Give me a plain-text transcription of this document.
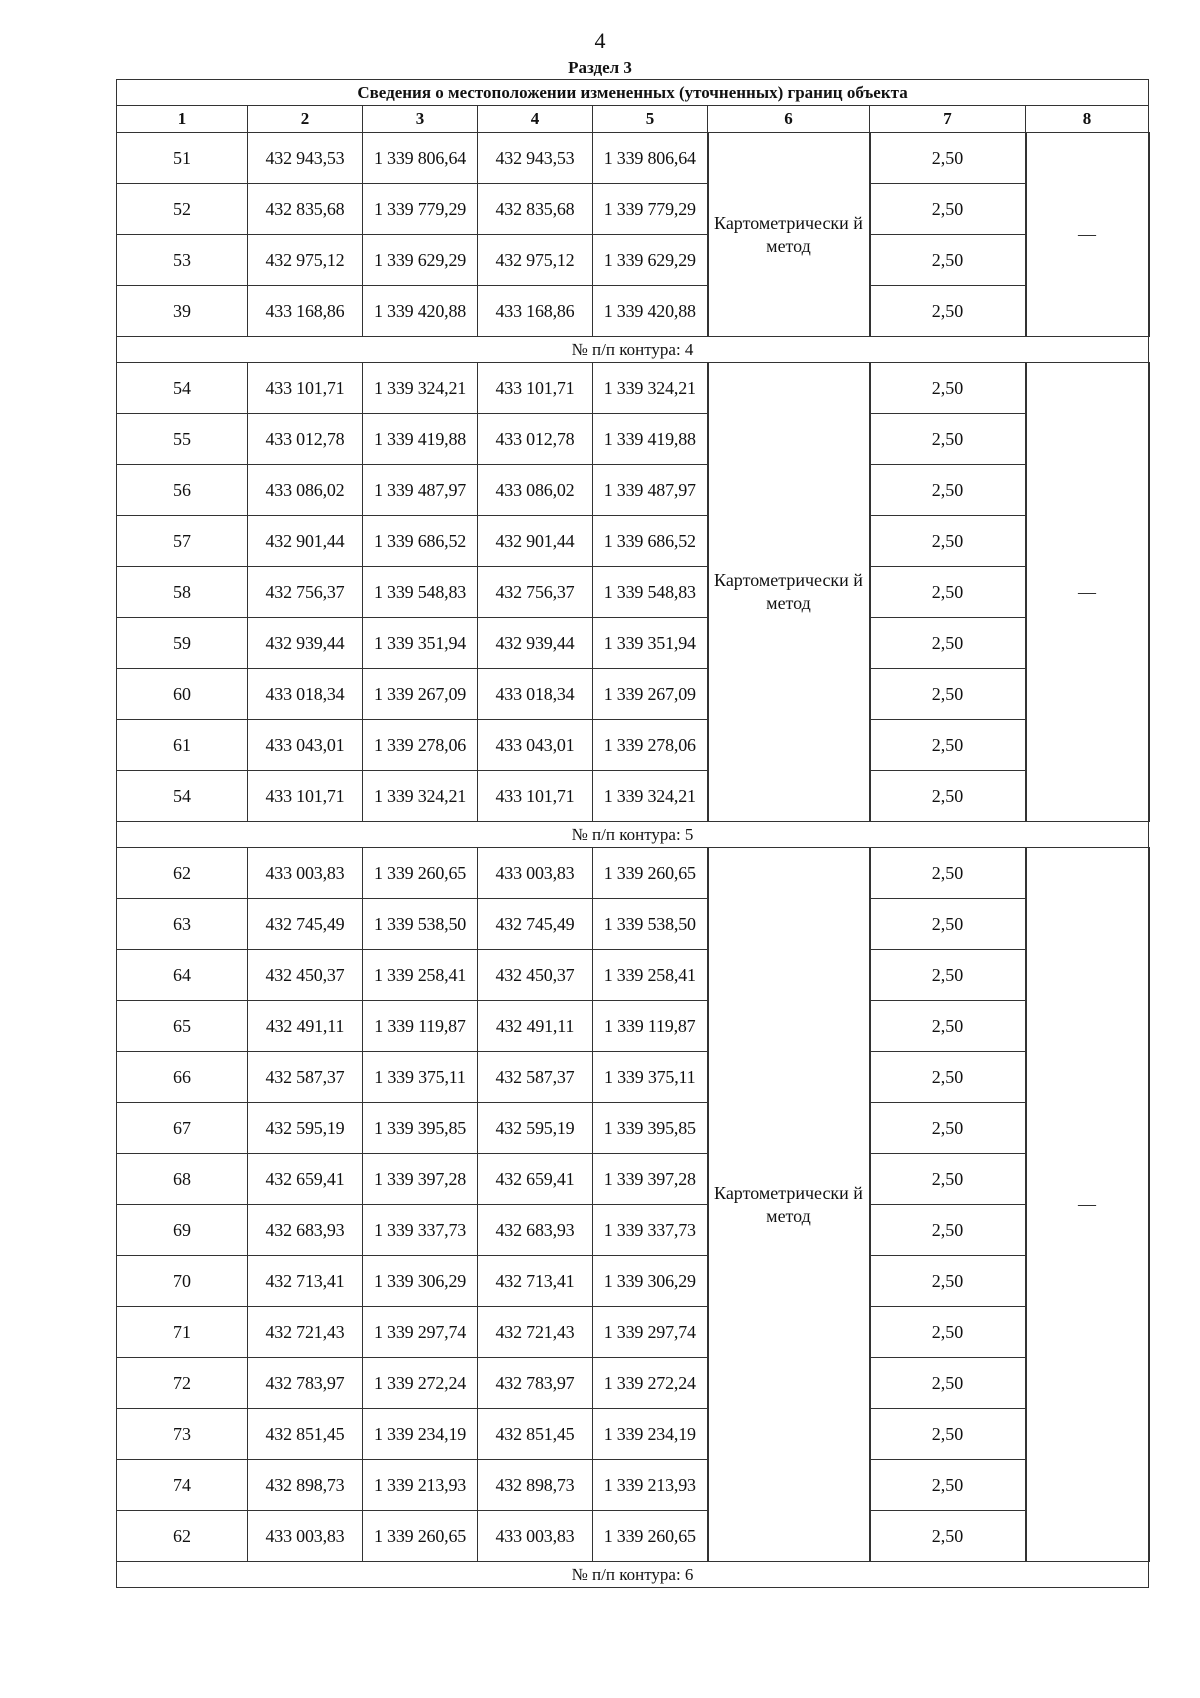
4
Раздел 3
Сведения о местоположении измененных (уточненных) границ объекта							
1	2	3	4	5	6	7	8
51	432 943,53	1 339 806,64	432 943,53	1 339 806,64	Картометрически й метод	2,50	—
52	432 835,68	1 339 779,29	432 835,68	1 339 779,29		2,50	
53	432 975,12	1 339 629,29	432 975,12	1 339 629,29		2,50	
39	433 168,86	1 339 420,88	433 168,86	1 339 420,88		2,50	
№ п/п контура: 4							
54	433 101,71	1 339 324,21	433 101,71	1 339 324,21	Картометрически й метод	2,50	—
55	433 012,78	1 339 419,88	433 012,78	1 339 419,88		2,50	
56	433 086,02	1 339 487,97	433 086,02	1 339 487,97		2,50	
57	432 901,44	1 339 686,52	432 901,44	1 339 686,52		2,50	
58	432 756,37	1 339 548,83	432 756,37	1 339 548,83		2,50	
59	432 939,44	1 339 351,94	432 939,44	1 339 351,94		2,50	
60	433 018,34	1 339 267,09	433 018,34	1 339 267,09		2,50	
61	433 043,01	1 339 278,06	433 043,01	1 339 278,06		2,50	
54	433 101,71	1 339 324,21	433 101,71	1 339 324,21		2,50	
№ п/п контура: 5							
62	433 003,83	1 339 260,65	433 003,83	1 339 260,65	Картометрически й метод	2,50	—
63	432 745,49	1 339 538,50	432 745,49	1 339 538,50		2,50	
64	432 450,37	1 339 258,41	432 450,37	1 339 258,41		2,50	
65	432 491,11	1 339 119,87	432 491,11	1 339 119,87		2,50	
66	432 587,37	1 339 375,11	432 587,37	1 339 375,11		2,50	
67	432 595,19	1 339 395,85	432 595,19	1 339 395,85		2,50	
68	432 659,41	1 339 397,28	432 659,41	1 339 397,28		2,50	
69	432 683,93	1 339 337,73	432 683,93	1 339 337,73		2,50	
70	432 713,41	1 339 306,29	432 713,41	1 339 306,29		2,50	
71	432 721,43	1 339 297,74	432 721,43	1 339 297,74		2,50	
72	432 783,97	1 339 272,24	432 783,97	1 339 272,24		2,50	
73	432 851,45	1 339 234,19	432 851,45	1 339 234,19		2,50	
74	432 898,73	1 339 213,93	432 898,73	1 339 213,93		2,50	
62	433 003,83	1 339 260,65	433 003,83	1 339 260,65		2,50	
№ п/п контура: 6							
